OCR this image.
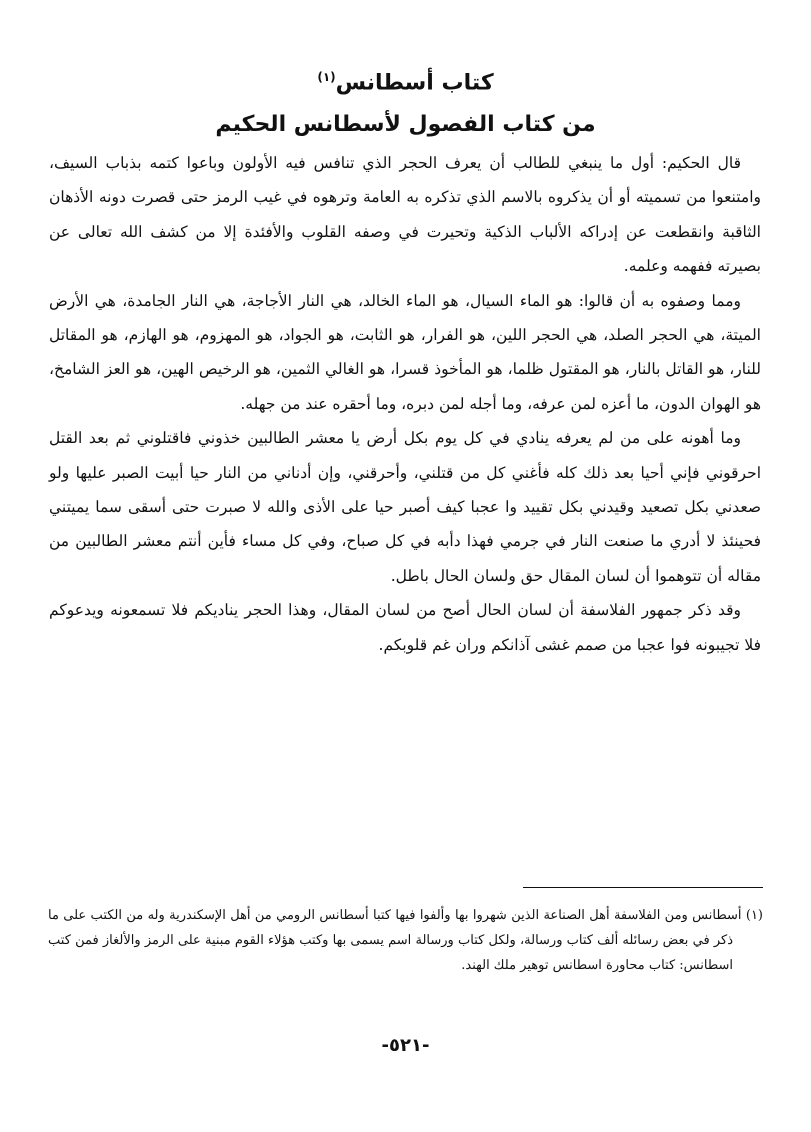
كتاب أسطانس$^{(١)}$
من كتاب الفصول لأسطانس الحكيم

قال الحكيم: أول ما ينبغي للطالب أن يعرف الحجر الذي تنافس فيه الأولون وباعوا كتمه بذباب السيف، وامتنعوا من تسميته أو أن يذكروه بالاسم الذي تذكره به العامة وترهوه في غيب الرمز حتى قصرت دونه الأذهان الثاقبة وانقطعت عن إدراكه الألباب الذكية وتحيرت في وصفه القلوب والأفئدة إلا من كشف الله تعالى عن بصيرته ففهمه وعلمه.

ومما وصفوه به أن قالوا: هو الماء السيال، هو الماء الخالد، هي النار الأجاجة، هي النار الجامدة، هي الأرض الميتة، هي الحجر الصلد، هي الحجر اللين، هو الفرار، هو الثابت، هو الجواد، هو المهزوم، هو الهازم، هو المقاتل للنار، هو القاتل بالنار، هو المقتول ظلما، هو المأخوذ قسرا، هو الغالي الثمين، هو الرخيص الهين، هو العز الشامخ، هو الهوان الدون، ما أعزه لمن عرفه، وما أجله لمن دبره، وما أحقره عند من جهله.

وما أهونه على من لم يعرفه ينادي في كل يوم بكل أرض يا معشر الطالبين خذوني فاقتلوني ثم بعد القتل احرقوني فإني أحيا بعد ذلك كله فأغني كل من قتلني، وأحرقني، وإن أدناني من النار حيا أبيت الصبر عليها ولو صعدني بكل تصعيد وقيدني بكل تقييد وا عجبا كيف أصبر حيا على الأذى والله لا صبرت حتى أسقى سما يميتني فحينئذ لا أدري ما صنعت النار في جرمي فهذا دأبه في كل صباح، وفي كل مساء فأين أنتم معشر الطالبين من مقاله أن تتوهموا أن لسان المقال حق ولسان الحال باطل.

وقد ذكر جمهور الفلاسفة أن لسان الحال أصح من لسان المقال، وهذا الحجر يناديكم فلا تسمعونه ويدعوكم فلا تجيبونه فوا عجبا من صمم غشى آذانكم وران غم قلوبكم.

(١) أسطانس ومن الفلاسفة أهل الصناعة الذين شهروا بها وألفوا فيها كتبا أسطانس الرومي من أهل الإسكندرية وله من الكتب على ما ذكر في بعض رسائله ألف كتاب ورسالة، ولكل كتاب ورسالة اسم يسمى بها وكتب هؤلاء القوم مبنية على الرمز والألغاز فمن كتب اسطانس: كتاب محاورة اسطانس توهير ملك الهند.

-٥٢١-
